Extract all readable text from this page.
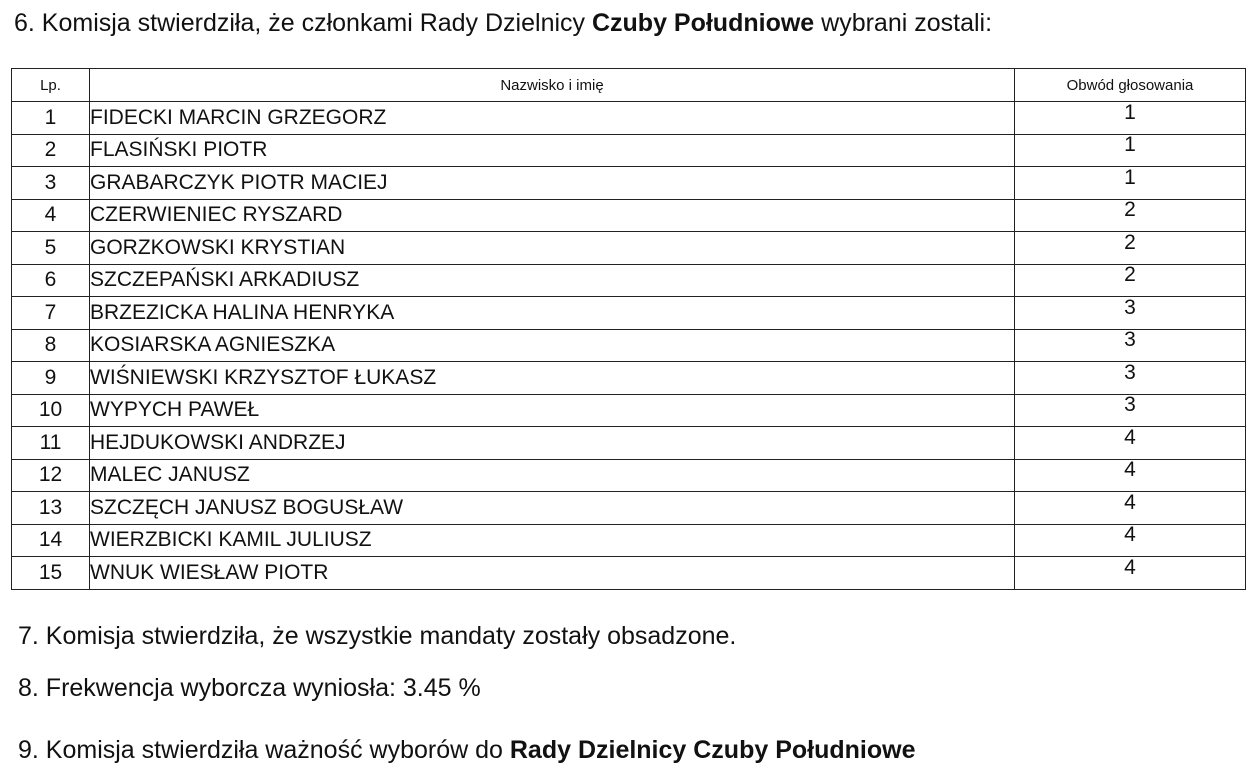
6. Komisja stwierdziła, że członkami Rady Dzielnicy Czuby Południowe wybrani zostali:
Lp.	Nazwisko i imię	Obwód głosowania
1	FIDECKI MARCIN GRZEGORZ	1
2	FLASIŃSKI PIOTR	1
3	GRABARCZYK PIOTR MACIEJ	1
4	CZERWIENIEC RYSZARD	2
5	GORZKOWSKI KRYSTIAN	2
6	SZCZEPAŃSKI ARKADIUSZ	2
7	BRZEZICKA HALINA HENRYKA	3
8	KOSIARSKA AGNIESZKA	3
9	WIŚNIEWSKI KRZYSZTOF ŁUKASZ	3
10	WYPYCH PAWEŁ	3
11	HEJDUKOWSKI ANDRZEJ	4
12	MALEC JANUSZ	4
13	SZCZĘCH JANUSZ BOGUSŁAW	4
14	WIERZBICKI KAMIL JULIUSZ	4
15	WNUK WIESŁAW PIOTR	4
7. Komisja stwierdziła, że wszystkie mandaty zostały obsadzone.
8. Frekwencja wyborcza wyniosła: 3.45 %
9. Komisja stwierdziła ważność wyborów do Rady Dzielnicy Czuby Południowe
